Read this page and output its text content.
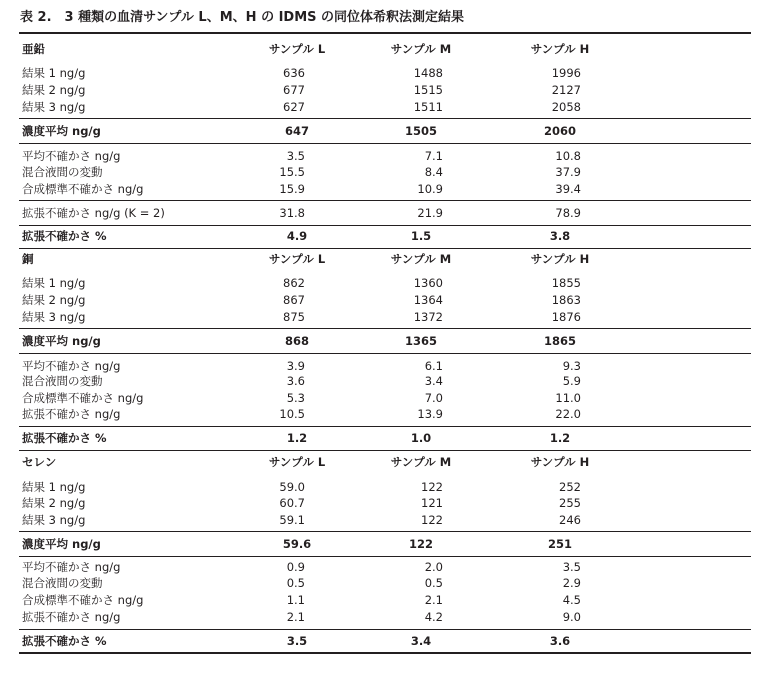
表 2.　3 種類の血清サンプル L、M、H の IDMS の同位体希釈法測定結果
亜鉛	サンプル L	サンプル M	サンプル H
結果 1 ng/g	636	1488	1996
結果 2 ng/g	677	1515	2127
結果 3 ng/g	627	1511	2058
濃度平均 ng/g	647	1505	2060
平均不確かさ ng/g	3.5	7.1	10.8
混合液間の変動	15.5	8.4	37.9
合成標準不確かさ ng/g	15.9	10.9	39.4
拡張不確かさ ng/g (K = 2)	31.8	21.9	78.9
拡張不確かさ %	4.9	1.5	3.8
銅	サンプル L	サンプル M	サンプル H
結果 1 ng/g	862	1360	1855
結果 2 ng/g	867	1364	1863
結果 3 ng/g	875	1372	1876
濃度平均 ng/g	868	1365	1865
平均不確かさ ng/g	3.9	6.1	9.3
混合液間の変動	3.6	3.4	5.9
合成標準不確かさ ng/g	5.3	7.0	11.0
拡張不確かさ ng/g	10.5	13.9	22.0
拡張不確かさ %	1.2	1.0	1.2
セレン	サンプル L	サンプル M	サンプル H
結果 1 ng/g	59.0	122	252
結果 2 ng/g	60.7	121	255
結果 3 ng/g	59.1	122	246
濃度平均 ng/g	59.6	122	251
平均不確かさ ng/g	0.9	2.0	3.5
混合液間の変動	0.5	0.5	2.9
合成標準不確かさ ng/g	1.1	2.1	4.5
拡張不確かさ ng/g	2.1	4.2	9.0
拡張不確かさ %	3.5	3.4	3.6
